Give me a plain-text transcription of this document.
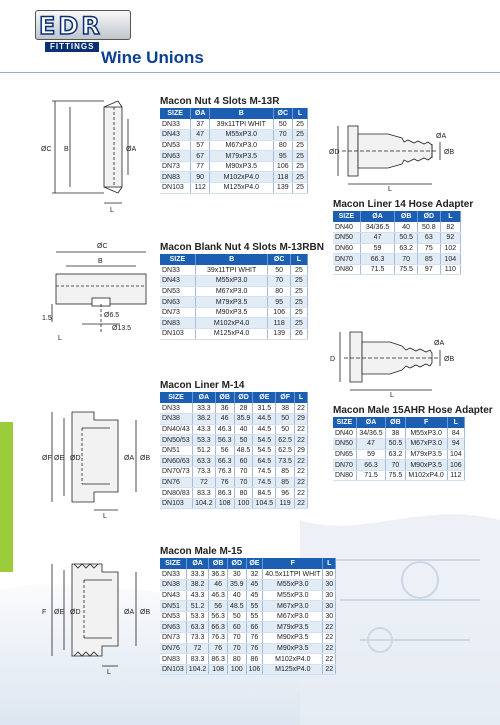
EDR
FITTINGS
Wine Unions
ØC B	ØA
L
Macon Nut 4 Slots M-13R
SIZE	ØA	B	ØC	L
DN33	37	39x11TPI WHIT	50	25
DN43	47	M55xP3.0	70	25
DN53	57	M67xP3.0	80	25
DN63	67	M79xP3.5	95	25
DN73	77	M90xP3.5	106	25
DN83	90	M102xP4.0	118	25
DN103	112	M125xP4.0	139	25
ØD
ØA
ØB
L
Macon Liner 14 Hose Adapter
SIZE	ØA	ØB	ØD	L
DN40	34/36.5	40	50.8	82
DN50	47	50.5	63	92
DN60	59	63.2	75	102
DN70	66.3	70	85	104
DN80	71.5	75.5	97	110
ØC
B
Ø6.5
Ø13.5
1.5
L
Macon Blank Nut 4 Slots M-13RBN
SIZE	B	ØC	L
DN33	39x11TPI WHIT	50	25
DN43	M55xP3.0	70	25
DN53	M67xP3.0	80	25
DN63	M79xP3.5	95	25
DN73	M90xP3.5	106	25
DN83	M102xP4.0	118	25
DN103	M125xP4.0	139	26
D
ØA
ØB
L
Macon Male 15AHR Hose Adapter
SIZE	ØA	ØB	F	L
DN40	34/36.5	38	M55xP3.0	84
DN50	47	50.5	M67xP3.0	94
DN65	59	63.2	M79xP3.5	104
DN70	66.3	70	M90xP3.5	106
DN80	71.5	75.5	M102xP4.0	112
ØF ØE ØD	ØA ØB
L
Macon Liner M-14
SIZE	ØA	ØB	ØD	ØE	ØF	L
DN33	33.3	36	28	31.5	38	22
DN38	38.2	46	35.9	44.5	50	29
DN40/43	43.3	46.3	40	44.5	50	22
DN50/53	53.3	56.3	50	54.5	62.5	22
DN51	51.2	56	48.5	54.5	62.5	29
DN60/63	63.3	66.3	60	64.5	73.5	22
DN70/73	73.3	76.3	70	74.5	85	22
DN76	72	76	70	74.5	85	22
DN80/83	83.3	86.3	80	84.5	96	22
DN103	104.2	108	100	104.5	119	22
F ØE ØD	ØA ØB
L
Macon Male M-15
SIZE	ØA	ØB	ØD	ØE	F	L
DN33	33.3	36.3	30	32	40.5x11TPI WHIT	30
DN38	38.2	46	35.9	45	M55xP3.0	30
DN43	43.3	46.3	40	45	M55xP3.0	30
DN51	51.2	56	48.5	55	M67xP3.0	30
DN53	53.3	56.3	50	55	M67xP3.0	30
DN63	63.3	66.3	60	66	M79xP3.5	22
DN73	73.3	76.3	70	76	M90xP3.5	22
DN76	72	76	70	76	M90xP3.5	22
DN83	83.3	86.3	80	86	M102xP4.0	22
DN103	104.2	108	100	106	M125xP4.0	22
